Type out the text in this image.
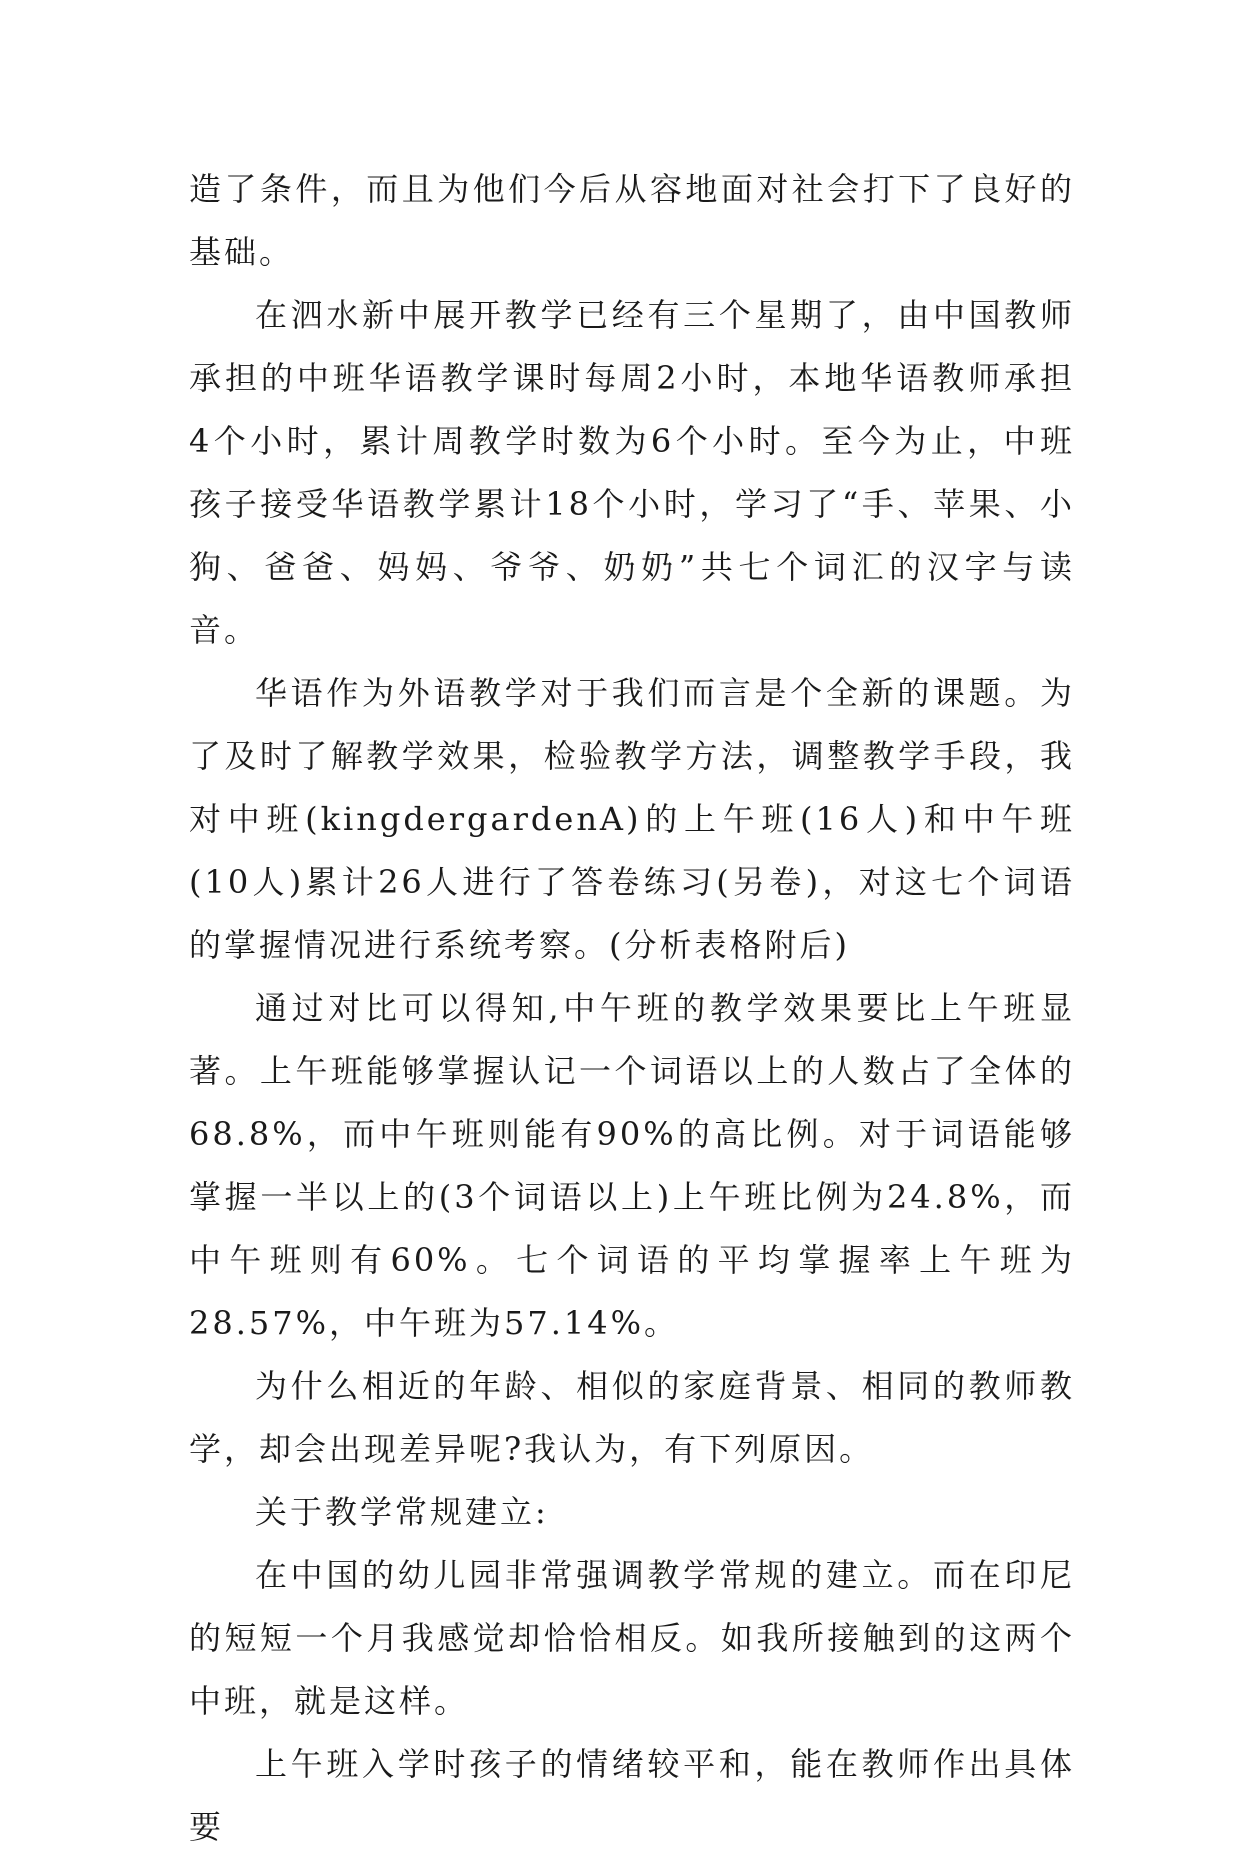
造了条件，而且为他们今后从容地面对社会打下了良好的基础。

在泗水新中展开教学已经有三个星期了，由中国教师承担的中班华语教学课时每周2小时，本地华语教师承担4个小时，累计周教学时数为6个小时。至今为止，中班孩子接受华语教学累计18个小时，学习了“手、苹果、小狗、爸爸、妈妈、爷爷、奶奶”共七个词汇的汉字与读音。

华语作为外语教学对于我们而言是个全新的课题。为了及时了解教学效果，检验教学方法，调整教学手段，我对中班(kingdergardenA)的上午班(16人)和中午班(10人)累计26人进行了答卷练习(另卷)，对这七个词语的掌握情况进行系统考察。(分析表格附后)

通过对比可以得知,中午班的教学效果要比上午班显著。上午班能够掌握认记一个词语以上的人数占了全体的68.8%，而中午班则能有90%的高比例。对于词语能够掌握一半以上的(3个词语以上)上午班比例为24.8%，而中午班则有60%。七个词语的平均掌握率上午班为28.57%，中午班为57.14%。

为什么相近的年龄、相似的家庭背景、相同的教师教学，却会出现差异呢?我认为，有下列原因。

关于教学常规建立:

在中国的幼儿园非常强调教学常规的建立。而在印尼的短短一个月我感觉却恰恰相反。如我所接触到的这两个中班，就是这样。

上午班入学时孩子的情绪较平和，能在教师作出具体要
